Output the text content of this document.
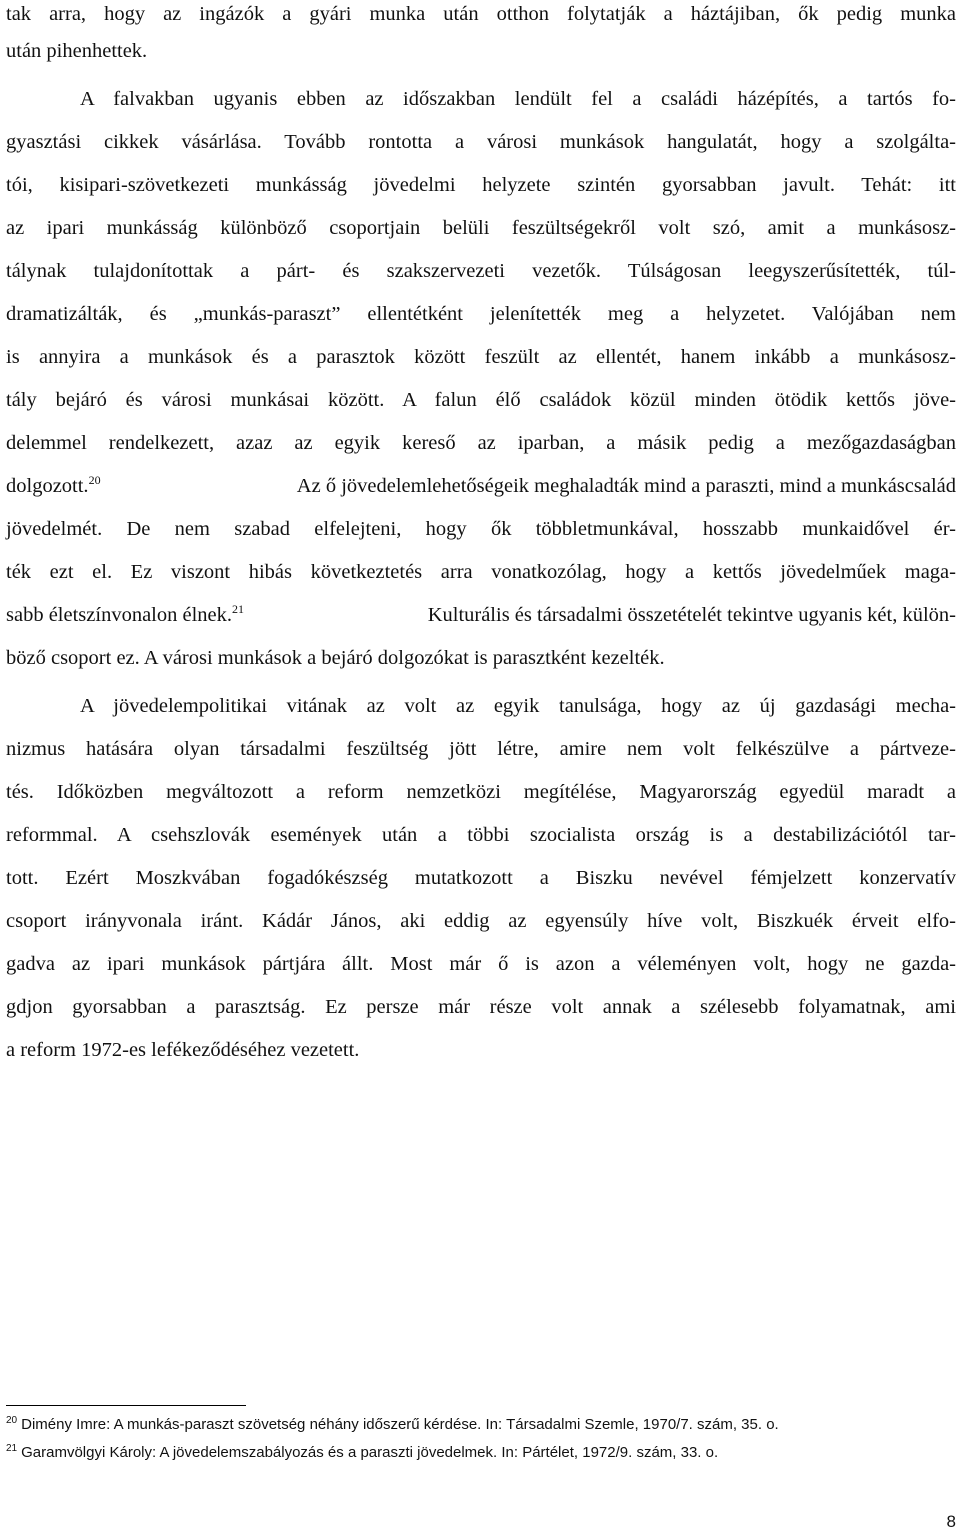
tak arra, hogy az ingázók a gyári munka után otthon folytatják a háztájiban, ők pedig munka
után pihenhettek.
A falvakban ugyanis ebben az időszakban lendült fel a családi házépítés, a tartós fo-
gyasztási cikkek vásárlása. Tovább rontotta a városi munkások hangulatát, hogy a szolgálta-
tói, kisipari-szövetkezeti munkásság jövedelmi helyzete szintén gyorsabban javult. Tehát: itt
az ipari munkásság különböző csoportjain belüli feszültségekről volt szó, amit a munkásosz-
tálynak tulajdonítottak a párt- és szakszervezeti vezetők. Túlságosan leegyszerűsítették, túl-
dramatizálták, és „munkás-paraszt” ellentétként jelenítették meg a helyzetet. Valójában nem
is annyira a munkások és a parasztok között feszült az ellentét, hanem inkább a munkásosz-
tály bejáró és városi munkásai között. A falun élő családok közül minden ötödik kettős jöve-
delemmel rendelkezett, azaz az egyik kereső az iparban, a másik pedig a mezőgazdaságban
dolgozott.$^{20}$	Az ő jövedelemlehetőségeik meghaladták mind a paraszti, mind a munkáscsalád
jövedelmét. De nem szabad elfelejteni, hogy ők többletmunkával, hosszabb munkaidővel ér-
ték ezt el. Ez viszont hibás következtetés arra vonatkozólag, hogy a kettős jövedelműek maga-
sabb életszínvonalon élnek.$^{21}$	Kulturális és társadalmi összetételét tekintve ugyanis két, külön-
böző csoport ez. A városi munkások a bejáró dolgozókat is parasztként kezelték.
A jövedelempolitikai vitának az volt az egyik tanulsága, hogy az új gazdasági mecha-
nizmus hatására olyan társadalmi feszültség jött létre, amire nem volt felkészülve a pártveze-
tés. Időközben megváltozott a reform nemzetközi megítélése, Magyarország egyedül maradt a
reformmal. A csehszlovák események után a többi szocialista ország is a destabilizációtól tar-
tott. Ezért Moszkvában fogadókészség mutatkozott a Biszku nevével fémjelzett konzervatív
csoport irányvonala iránt. Kádár János, aki eddig az egyensúly híve volt, Biszkuék érveit elfo-
gadva az ipari munkások pártjára állt. Most már ő is azon a véleményen volt, hogy ne gazda-
gdjon gyorsabban a parasztság. Ez persze már része volt annak a szélesebb folyamatnak, ami
a reform 1972-es lefékeződéséhez vezetett.
$^{20}$ Dimény Imre: A munkás-paraszt szövetség néhány időszerű kérdése. In: Társadalmi Szemle, 1970/7. szám, 35. o.
$^{21}$ Garamvölgyi Károly: A jövedelemszabályozás és a paraszti jövedelmek. In: Pártélet, 1972/9. szám, 33. o.
8
